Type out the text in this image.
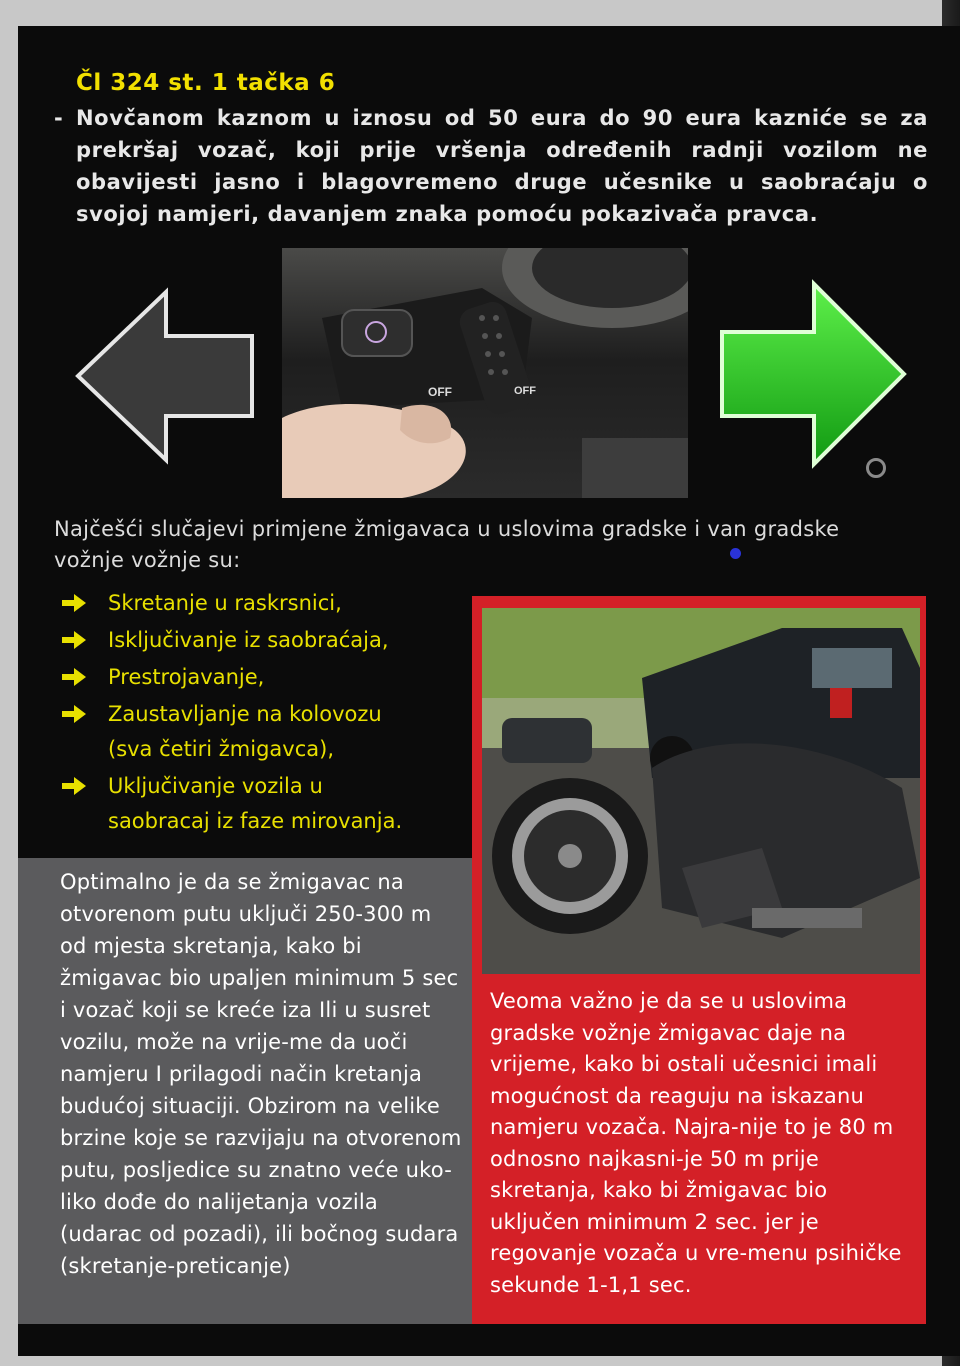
Čl 324 st. 1 tačka 6
- Novčanom kaznom u iznosu od 50 eura do 90 eura kazniće se za prekršaj vozač, koji prije vršenja određenih radnji vozilom ne obavijesti jasno i blagovremeno druge učesnike u saobraćaju o svojoj namjeri, davanjem znaka pomoću pokazivača pravca.
OFF	OFF
Najčešći slučajevi primjene žmigavaca u uslovima gradske i van gradske vožnje vožnje su:
Skretanje u raskrsnici,
Isključivanje iz saobraćaja,
Prestrojavanje,
Zaustavljanje na kolovozu
(sva četiri žmigavca),
Uključivanje vozila u
saobracaj iz faze mirovanja.
Optimalno je da se žmigavac na otvorenom putu uključi 250-300 m od mjesta skretanja, kako bi žmigavac bio upaljen minimum 5 sec i vozač koji se kreće iza Ili u susret vozilu, može na vrije-me da uoči namjeru I prilagodi način kretanja budućoj situaciji. Obzirom na velike brzine koje se razvijaju na otvorenom putu, posljedice su znatno veće uko-liko dođe do nalijetanja vozila (udarac od pozadi), ili bočnog sudara (skretanje-preticanje)
Veoma važno je da se u uslovima gradske vožnje žmigavac daje na vrijeme, kako bi ostali učesnici imali mogućnost da reaguju na iskazanu namjeru vozača. Najra-nije to je 80 m odnosno najkasni-je 50 m prije skretanja, kako bi žmigavac bio uključen minimum 2 sec. jer je regovanje vozača u vre-menu psihičke sekunde 1-1,1 sec.
